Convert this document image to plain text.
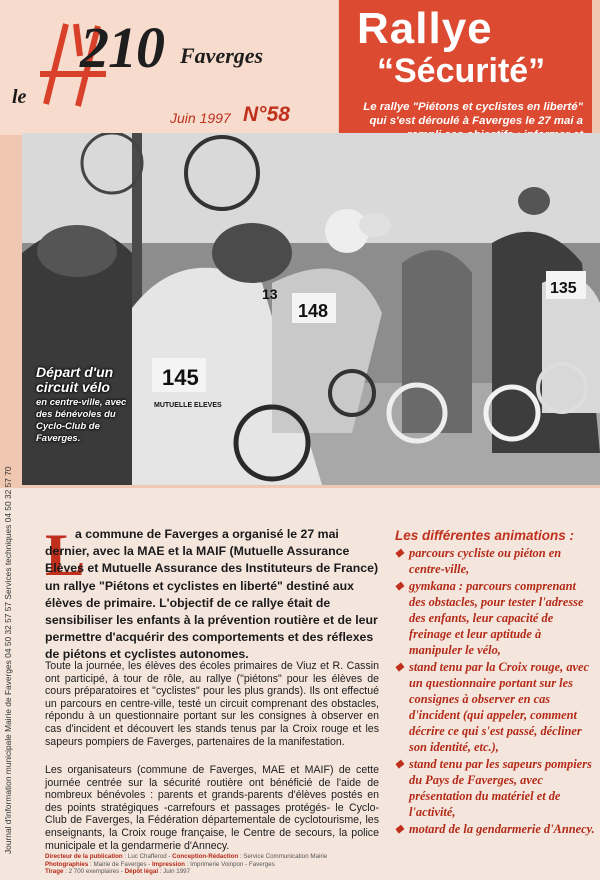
le
210 Faverges
Juin 1997 N°58
Rallye
“Sécurité”
Le rallye "Piétons et cyclistes en liberté" qui s'est déroulé à Faverges le 27 mai a
145
MUTUELLE ELEVES
148
135
13
Départ d'un circuit vélo
en centre-ville, avec des bénévoles du Cyclo-Club de Faverges.
L
a commune de Faverges a organisé le 27 mai dernier, avec la MAE et la MAIF (Mutuelle Assurance Elèves et Mutuelle Assurance des Instituteurs de France) un rallye "Piétons et cyclistes en liberté" destiné aux élèves de primaire. L'objectif de ce rallye était de sensibiliser les enfants à la prévention routière et de leur permettre d'acquérir des comportements et des réflexes de piétons et cyclistes autonomes.
Toute la journée, les élèves des écoles primaires de Viuz et R. Cassin ont participé, à tour de rôle, au rallye ("piétons" pour les élèves de cours préparatoires et "cyclistes" pour les plus grands). Ils ont effectué un parcours en centre-ville, testé un circuit comprenant des obstacles, répondu à un questionnaire portant sur les consignes à observer en cas d'incident et découvert les stands tenus par la Croix rouge et les sapeurs pompiers de Faverges, partenaires de la manifestation.
Les organisateurs (commune de Faverges, MAE et MAIF) de cette journée centrée sur la sécurité routière ont bénéficié de l'aide de nombreux bénévoles : parents et grands-parents d'élèves postés en des points stratégiques -carrefours et passages protégés- le Cyclo-Club de Faverges, la Fédération départementale de cyclotourisme, les enseignants, la Croix rouge française, le Centre de secours, la police municipale et la gendarmerie d'Annecy.
Les différentes animations :
◆ parcours cycliste ou piéton en centre-ville,
◆ gymkana : parcours comprenant des obstacles, pour tester l'adresse des enfants, leur capacité de freinage et leur aptitude à manipuler le vélo,
◆ stand tenu par la Croix rouge, avec un questionnaire portant sur les consignes à observer en cas d'incident (qui appeler, comment décrire ce qui s'est passé, décliner son identité, etc.),
◆ stand tenu par les sapeurs pompiers du Pays de Faverges, avec présentation du matériel et de l'activité,
◆ motard de la gendarmerie d'Annecy.
Journal d'information municipale Mairie de Faverges 04 50 32 57 57 Services techniques 04 50 32 57 70
Directeur de la publication : Luc Chafferod - Conception-Rédaction : Service Communication Mairie
Photographies : Mairie de Faverges - Impression : Imprimerie Voinpon - Faverges
Tirage : 2 700 exemplaires - Dépôt légal : Juin 1997
